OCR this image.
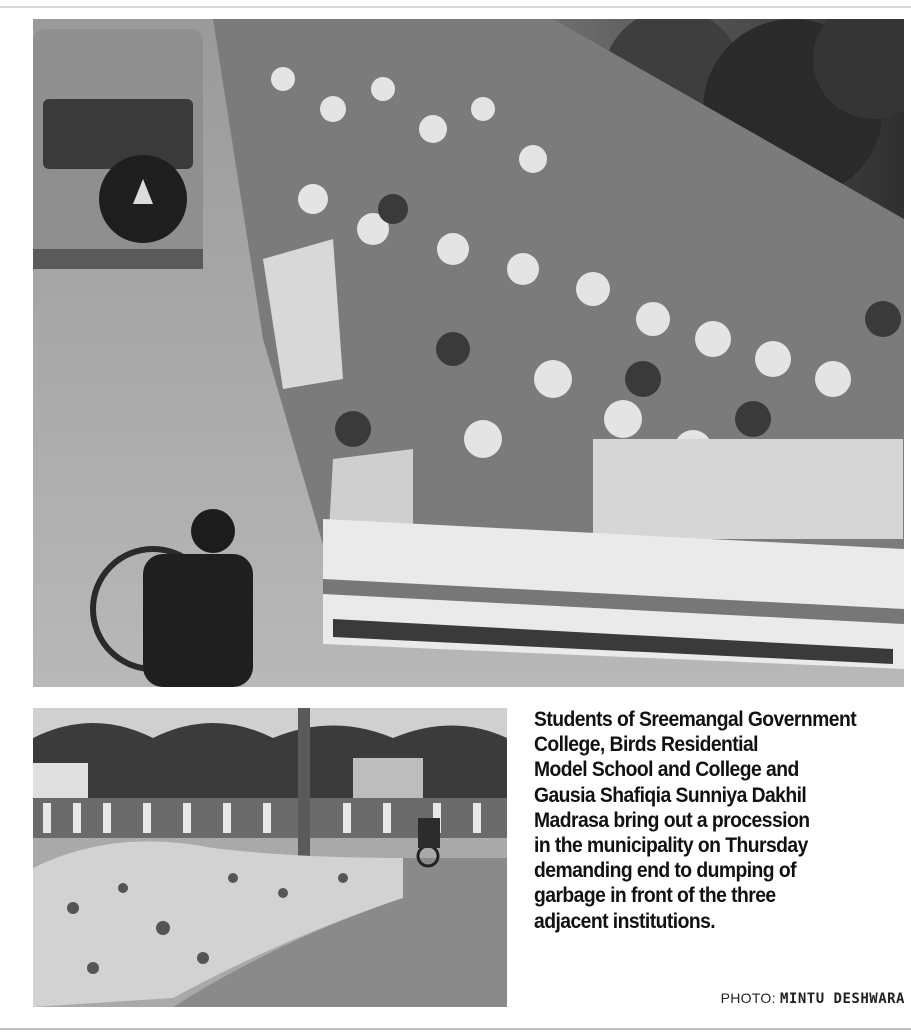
Students of Sreemangal Government
College, Birds Residential
Model School and College and
Gausia Shafiqia Sunniya Dakhil
Madrasa bring out a procession
in the municipality on Thursday
demanding end to dumping of
garbage in front of the three
adjacent institutions.
PHOTO: MINTU DESHWARA
